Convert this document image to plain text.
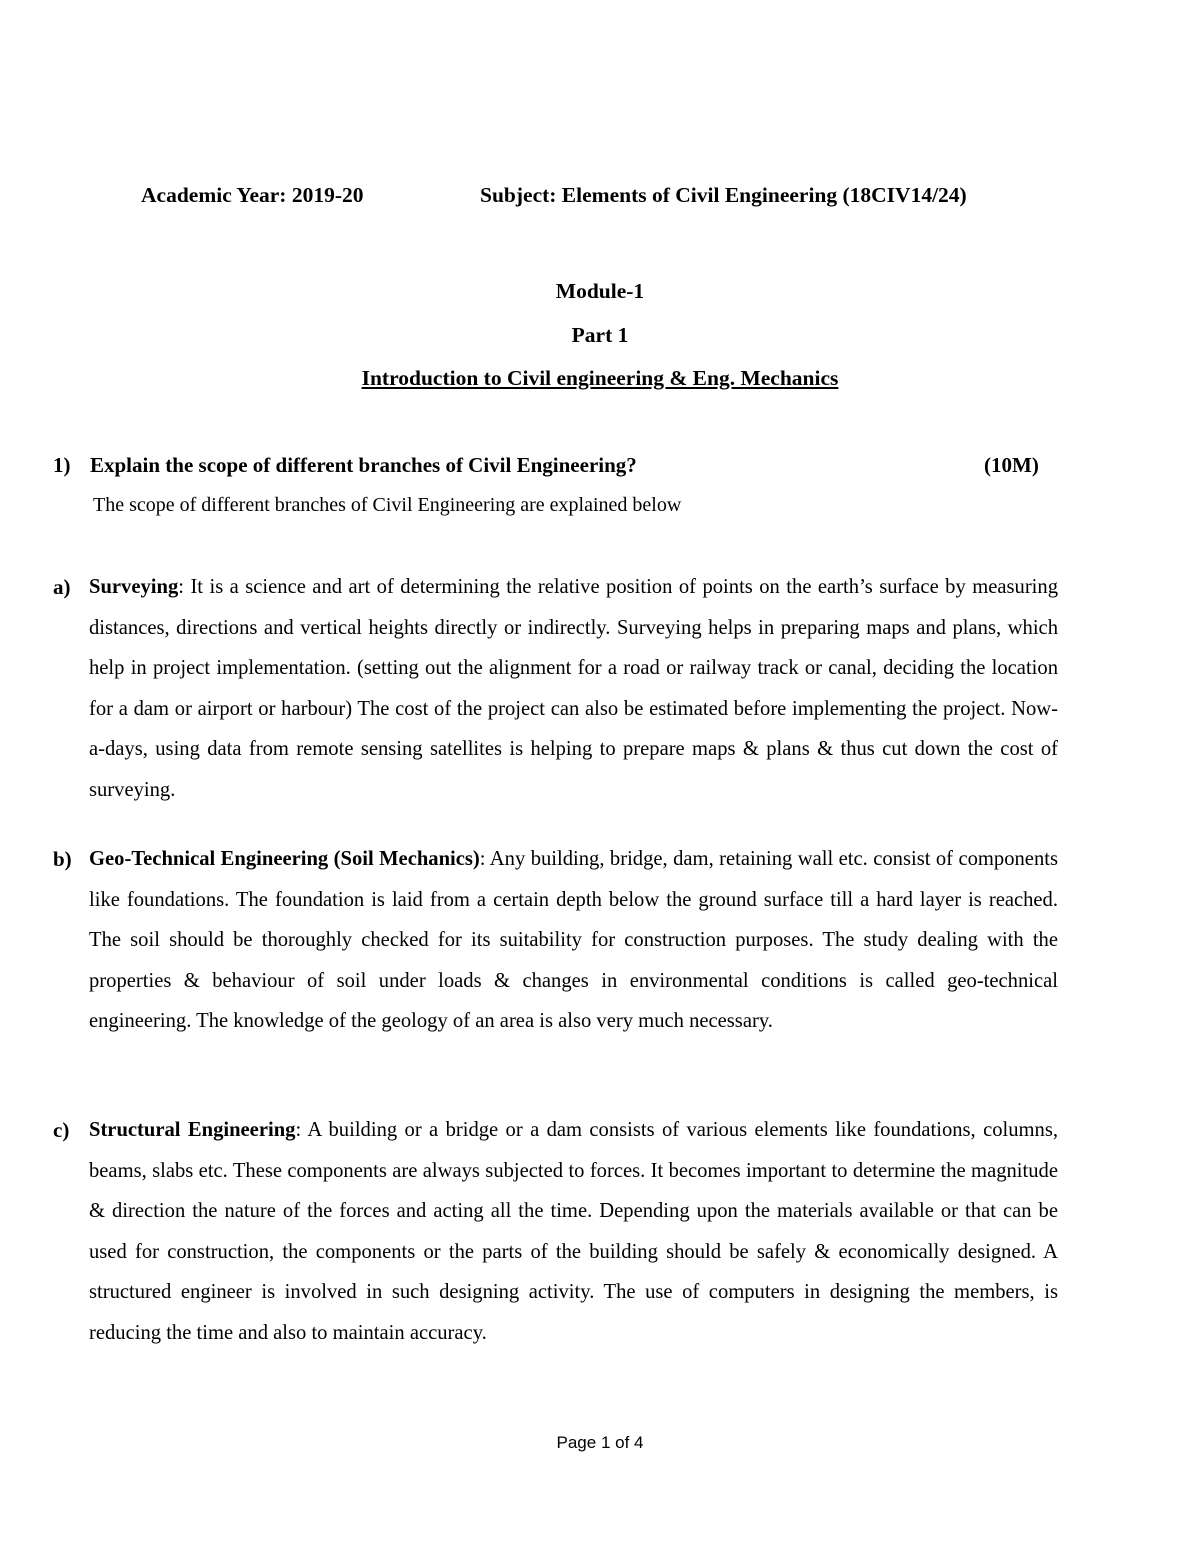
Academic Year: 2019-20	Subject: Elements of Civil Engineering (18CIV14/24)
Module-1
Part 1
Introduction to Civil engineering & Eng. Mechanics
1) Explain the scope of different branches of Civil Engineering?	(10M)
The scope of different branches of Civil Engineering are explained below
a) Surveying: It is a science and art of determining the relative position of points on the earth’s surface by measuring distances, directions and vertical heights directly or indirectly. Surveying helps in preparing maps and plans, which help in project implementation. (setting out the alignment for a road or railway track or canal, deciding the location for a dam or airport or harbour) The cost of the project can also be estimated before implementing the project. Now-a-days, using data from remote sensing satellites is helping to prepare maps & plans & thus cut down the cost of surveying.
b) Geo-Technical Engineering (Soil Mechanics): Any building, bridge, dam, retaining wall etc. consist of components like foundations. The foundation is laid from a certain depth below the ground surface till a hard layer is reached. The soil should be thoroughly checked for its suitability for construction purposes. The study dealing with the properties & behaviour of soil under loads & changes in environmental conditions is called geo-technical engineering. The knowledge of the geology of an area is also very much necessary.
c) Structural Engineering: A building or a bridge or a dam consists of various elements like foundations, columns, beams, slabs etc. These components are always subjected to forces. It becomes important to determine the magnitude & direction the nature of the forces and acting all the time. Depending upon the materials available or that can be used for construction, the components or the parts of the building should be safely & economically designed. A structured engineer is involved in such designing activity. The use of computers in designing the members, is reducing the time and also to maintain accuracy.
Page 1 of 4
